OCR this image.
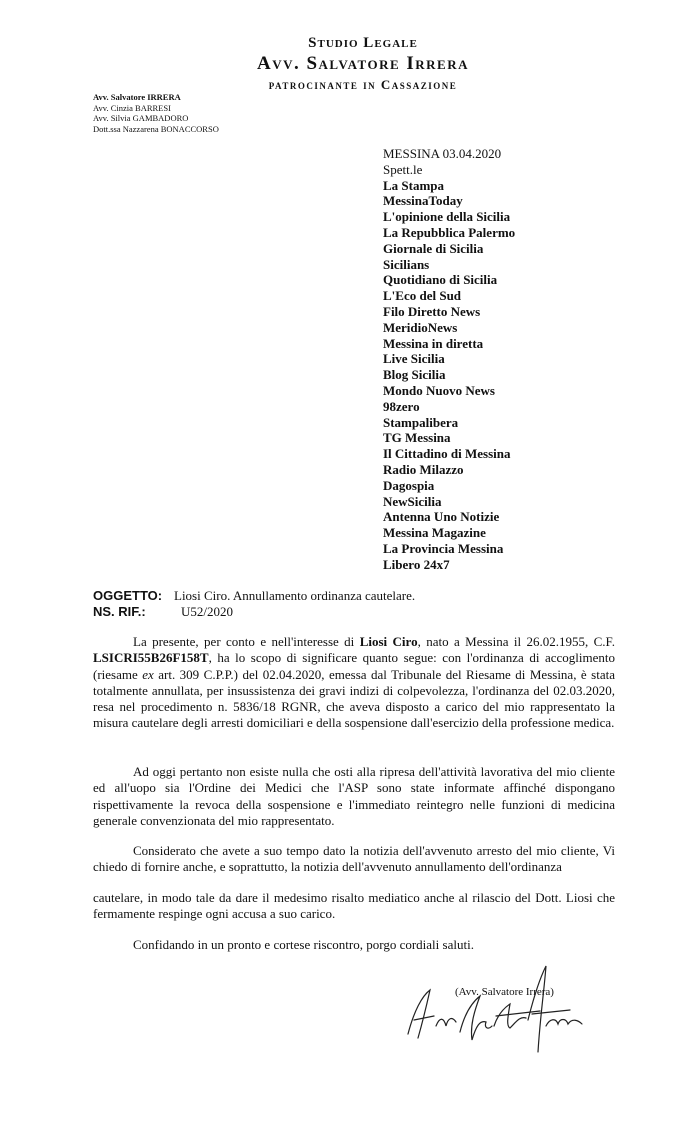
Studio Legale
Avv. Salvatore Irrera
patrocinante in Cassazione
Avv. Salvatore IRRERA
Avv. Cinzia BARRESI
Avv. Silvia GAMBADORO
Dott.ssa Nazzarena BONACCORSO
MESSINA 03.04.2020
Spett.le
La Stampa
MessinaToday
L'opinione della Sicilia
La Repubblica Palermo
Giornale di Sicilia
Sicilians
Quotidiano di Sicilia
L'Eco del Sud
Filo Diretto News
MeridioNews
Messina in diretta
Live Sicilia
Blog Sicilia
Mondo Nuovo News
98zero
Stampalibera
TG Messina
Il Cittadino di Messina
Radio Milazzo
Dagospia
NewSicilia
Antenna Uno Notizie
Messina Magazine
La Provincia Messina
Libero 24x7
OGGETTO: Liosi Ciro. Annullamento ordinanza cautelare.
NS. RIF.:	U52/2020
La presente, per conto e nell'interesse di Liosi Ciro, nato a Messina il 26.02.1955, C.F. LSICRI55B26F158T, ha lo scopo di significare quanto segue: con l'ordinanza di accoglimento (riesame ex art. 309 C.P.P.) del 02.04.2020, emessa dal Tribunale del Riesame di Messina, è stata totalmente annullata, per insussistenza dei gravi indizi di colpevolezza, l'ordinanza del 02.03.2020, resa nel procedimento n. 5836/18 RGNR, che aveva disposto a carico del mio rappresentato la misura cautelare degli arresti domiciliari e della sospensione dall'esercizio della professione medica.
Ad oggi pertanto non esiste nulla che osti alla ripresa dell'attività lavorativa del mio cliente ed all'uopo sia l'Ordine dei Medici che l'ASP sono state informate affinché dispongano rispettivamente la revoca della sospensione e l'immediato reintegro nelle funzioni di medicina generale convenzionata del mio rappresentato.
Considerato che avete a suo tempo dato la notizia dell'avvenuto arresto del mio cliente, Vi chiedo di fornire anche, e soprattutto, la notizia dell'avvenuto annullamento dell'ordinanza
cautelare, in modo tale da dare il medesimo risalto mediatico anche al rilascio del Dott. Liosi che fermamente respinge ogni accusa a suo carico.
Confidando in un pronto e cortese riscontro, porgo cordiali saluti.
(Avv. Salvatore Irrera)
